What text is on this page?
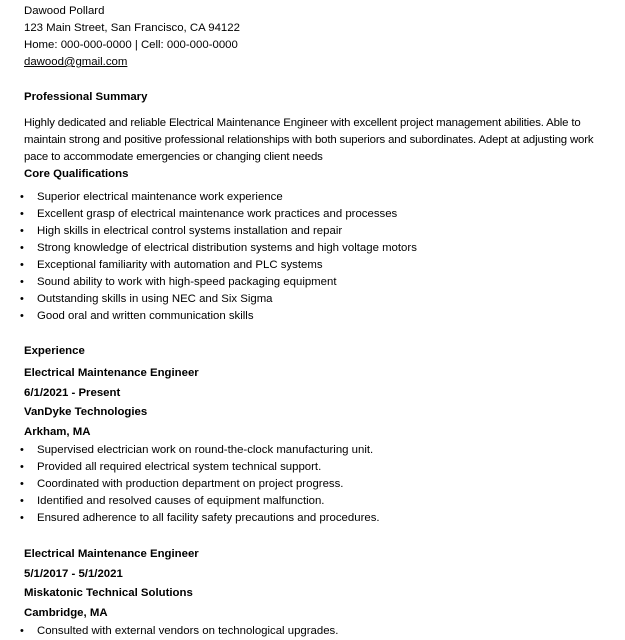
Dawood Pollard
123 Main Street, San Francisco, CA 94122
Home: 000-000-0000 | Cell: 000-000-0000
dawood@gmail.com
Professional Summary

Highly dedicated and reliable Electrical Maintenance Engineer with excellent project management abilities. Able to maintain strong and positive professional relationships with both superiors and subordinates. Adept at adjusting work pace to accommodate emergencies or changing client needs

Core Qualifications
• Superior electrical maintenance work experience
• Excellent grasp of electrical maintenance work practices and processes
• High skills in electrical control systems installation and repair
• Strong knowledge of electrical distribution systems and high voltage motors
• Exceptional familiarity with automation and PLC systems
• Sound ability to work with high-speed packaging equipment
• Outstanding skills in using NEC and Six Sigma
• Good oral and written communication skills
Experience
Electrical Maintenance Engineer
6/1/2021 - Present
VanDyke Technologies
Arkham, MA
• Supervised electrician work on round-the-clock manufacturing unit.
• Provided all required electrical system technical support.
• Coordinated with production department on project progress.
• Identified and resolved causes of equipment malfunction.
• Ensured adherence to all facility safety precautions and procedures.
Electrical Maintenance Engineer
5/1/2017 - 5/1/2021
Miskatonic Technical Solutions
Cambridge, MA
• Consulted with external vendors on technological upgrades.
